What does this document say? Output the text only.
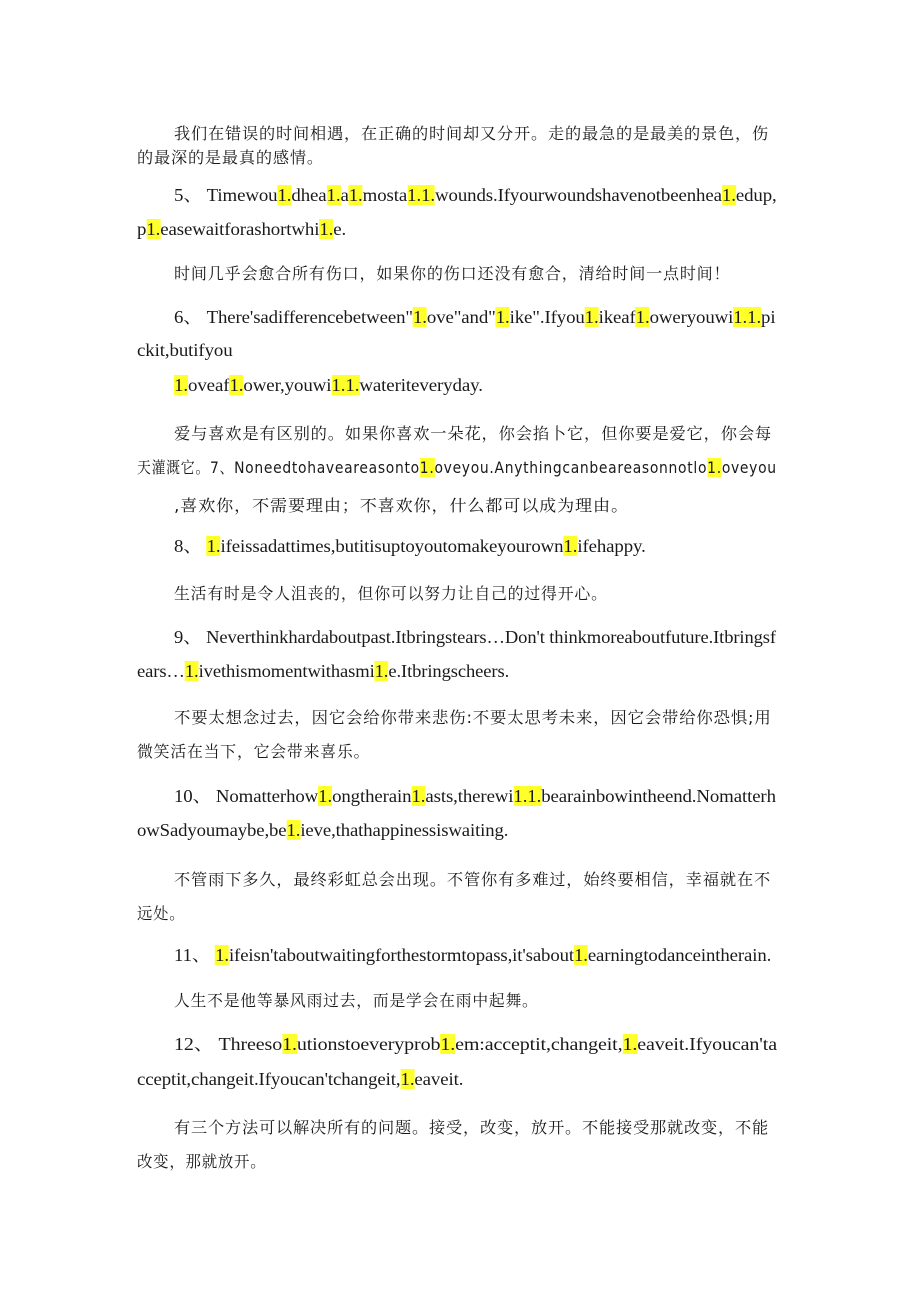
我们在错误的时间相遇，在正确的时间却又分开。走的最急的是最美的景色，伤
的最深的是最真的感情。
5、 Timewou1.dhea1.a1.mosta1.1.wounds.Ifyourwoundshavenotbeenhea1.edup,
p1.easewaitforashortwhi1.e.
时间几乎会愈合所有伤口，如果你的伤口还没有愈合，清给时间一点时间！
6、 There'sadifferencebetween"1.ove"and"1.ike".Ifyou1.ikeaf1.oweryouwi1.1.pi
ckit,butifyou
1.oveaf1.ower,youwi1.1.wateriteveryday.
爱与喜欢是有区别的。如果你喜欢一朵花，你会掐卜它，但你要是爱它，你会每
天灌溉它。7、Noneedtohaveareasonto1.oveyou.Anythingcanbeareasonnotlo1.oveyou
,喜欢你，不需要理由；不喜欢你，什么都可以成为理由。
8、 1.ifeissadattimes,butitisuptoyoutomakeyourown1.ifehappy.
生活有时是令人沮丧的，但你可以努力让自己的过得开心。
9、 Neverthinkhardaboutpast.Itbringstears…Don't thinkmoreaboutfuture.Itbringsf
ears…1.ivethismomentwithasmi1.e.Itbringscheers.
不要太想念过去，因它会给你带来悲伤:不要太思考未来，因它会带给你恐惧;用
微笑活在当下，它会带来喜乐。
10、 Nomatterhow1.ongtherain1.asts,therewi1.1.bearainbowintheend.Nomatterh
owSadyoumaybe,be1.ieve,thathappinessiswaiting.
不管雨下多久，最终彩虹总会出现。不管你有多难过，始终要相信，幸福就在不
远处。
11、 1.ifeisn'taboutwaitingforthestormtopass,it'sabout1.earningtodanceintherain.
人生不是他等暴风雨过去，而是学会在雨中起舞。
12、 Threeso1.utionstoeveryprob1.em:acceptit,changeit,1.eaveit.Ifyoucan'ta
cceptit,changeit.Ifyoucan'tchangeit,1.eaveit.
有三个方法可以解决所有的问题。接受，改变，放开。不能接受那就改变，不能
改变，那就放开。
